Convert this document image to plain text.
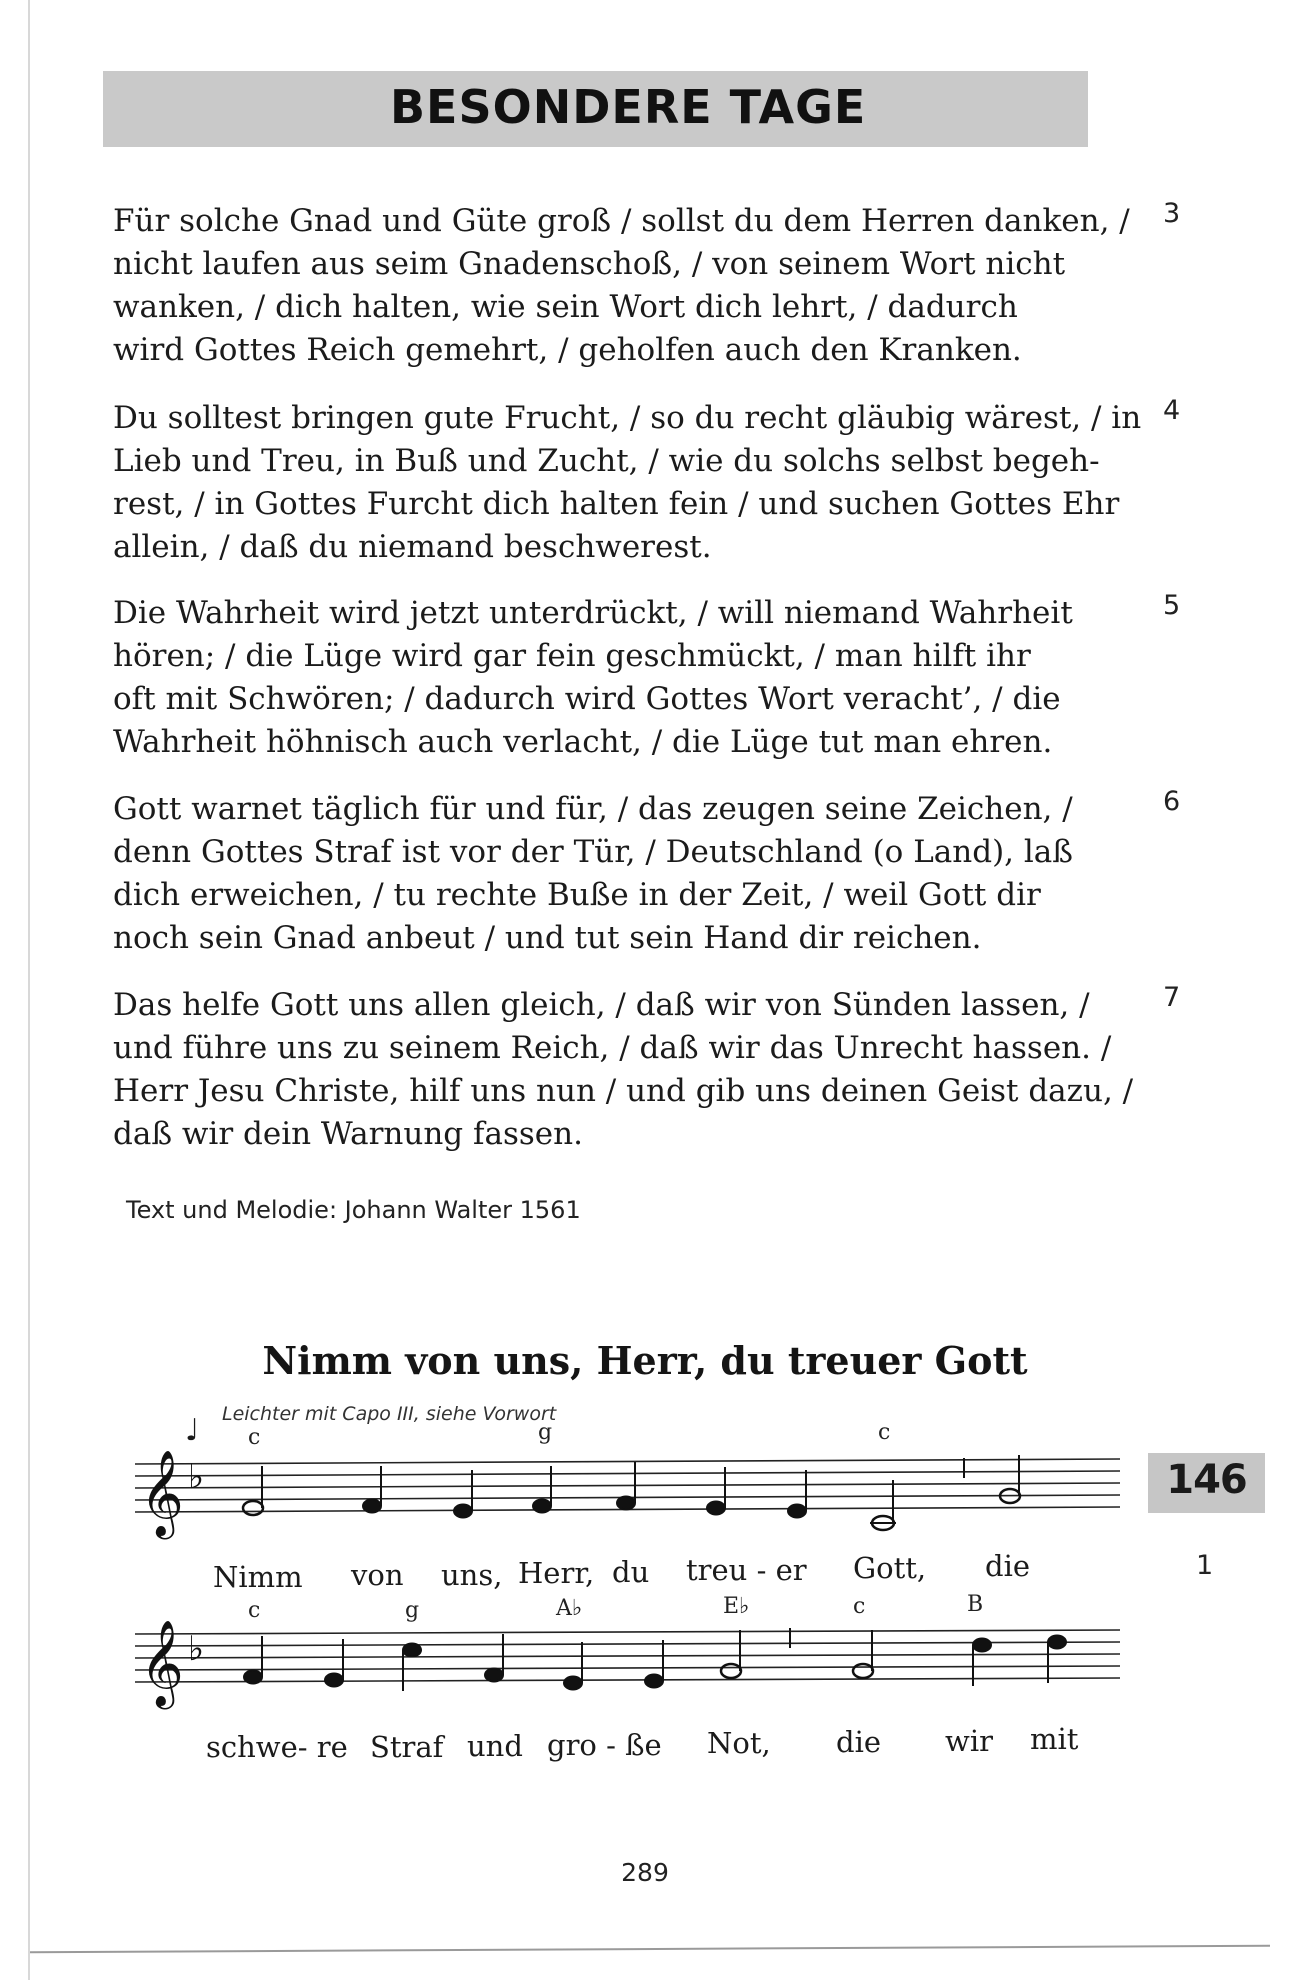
BESONDERE TAGE

Für solche Gnad und Güte groß / sollst du dem Herren danken, /

nicht laufen aus seim Gnadenschoß, / von seinem Wort nicht

wanken, / dich halten, wie sein Wort dich lehrt, / dadurch

wird Gottes Reich gemehrt, / geholfen auch den Kranken.

3

Du solltest bringen gute Frucht, / so du recht gläubig wärest, / in

Lieb und Treu, in Buß und Zucht, / wie du solchs selbst begeh-

rest, / in Gottes Furcht dich halten fein / und suchen Gottes Ehr

allein, / daß du niemand beschwerest.

4

Die Wahrheit wird jetzt unterdrückt, / will niemand Wahrheit

hören; / die Lüge wird gar fein geschmückt, / man hilft ihr

oft mit Schwören; / dadurch wird Gottes Wort veracht’, / die

Wahrheit höhnisch auch verlacht, / die Lüge tut man ehren.

5

Gott warnet täglich für und für, / das zeugen seine Zeichen, /

denn Gottes Straf ist vor der Tür, / Deutschland (o Land), laß

dich erweichen, / tu rechte Buße in der Zeit, / weil Gott dir

noch sein Gnad anbeut / und tut sein Hand dir reichen.

6

Das helfe Gott uns allen gleich, / daß wir von Sünden lassen, /

und führe uns zu seinem Reich, / daß wir das Unrecht hassen. /

Herr Jesu Christe, hilf uns nun / und gib uns deinen Geist dazu, /

daß wir dein Warnung fassen.

7
Text und Melodie: Johann Walter 1561
Nimm von uns, Herr, du treuer Gott
♩ Leichter mit Capo III, siehe Vorwort
146
1
𝄞 ♭
𝄞 ♭
c	g	c
Nimm von uns, Herr, du treu - er Gott, die
c	g	A♭	E♭	c	B
schwe- re Straf und gro - ße Not, die wir mit
289
